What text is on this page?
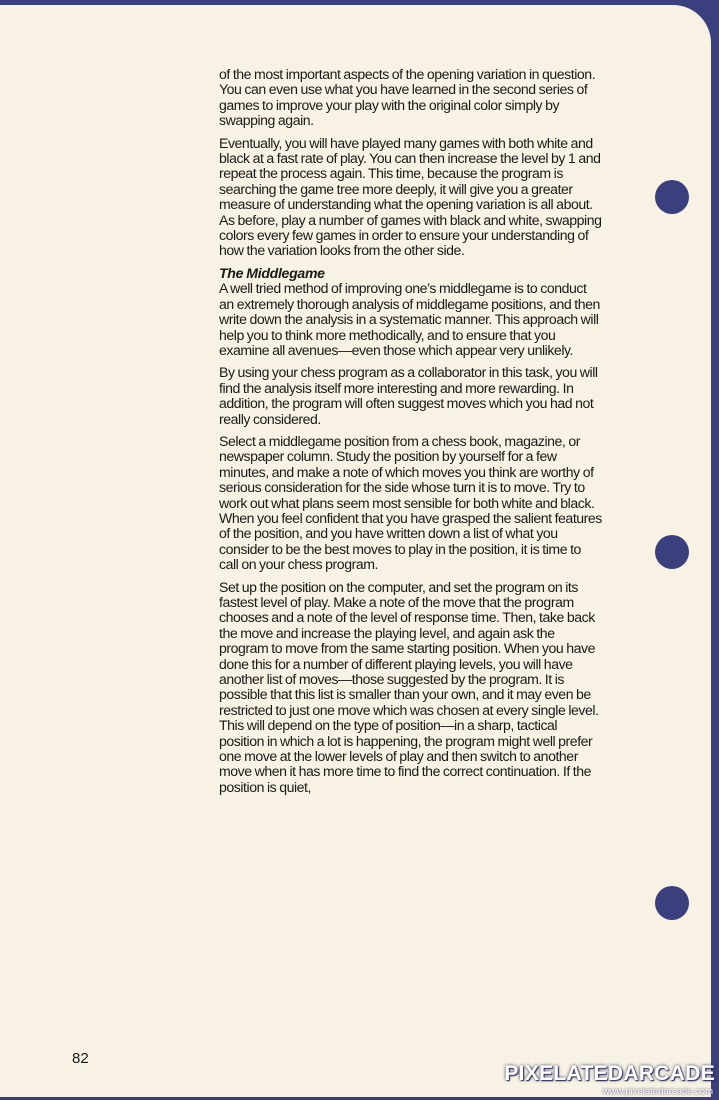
of the most important aspects of the opening variation in question. You can even use what you have learned in the second series of games to improve your play with the original color simply by swapping again.

Eventually, you will have played many games with both white and black at a fast rate of play. You can then increase the level by 1 and repeat the process again. This time, because the program is searching the game tree more deeply, it will give you a greater measure of understanding what the opening variation is all about. As before, play a number of games with black and white, swapping colors every few games in order to ensure your understanding of how the variation looks from the other side.

The Middlegame

A well tried method of improving one’s middlegame is to conduct an extremely thorough analysis of middlegame positions, and then write down the analysis in a systematic manner. This approach will help you to think more methodically, and to ensure that you examine all avenues—even those which appear very unlikely.

By using your chess program as a collaborator in this task, you will find the analysis itself more interesting and more rewarding. In addition, the program will often suggest moves which you had not really considered.

Select a middlegame position from a chess book, magazine, or newspaper column. Study the position by yourself for a few minutes, and make a note of which moves you think are worthy of serious consideration for the side whose turn it is to move. Try to work out what plans seem most sensible for both white and black. When you feel confident that you have grasped the salient features of the position, and you have written down a list of what you consider to be the best moves to play in the position, it is time to call on your chess program.

Set up the position on the computer, and set the program on its fastest level of play. Make a note of the move that the program chooses and a note of the level of response time. Then, take back the move and increase the playing level, and again ask the program to move from the same starting position. When you have done this for a number of different playing levels, you will have another list of moves—those suggested by the program. It is possible that this list is smaller than your own, and it may even be restricted to just one move which was chosen at every single level. This will depend on the type of position—in a sharp, tactical position in which a lot is happening, the program might well prefer one move at the lower levels of play and then switch to another move when it has more time to find the correct continuation. If the position is quiet,

82
PIXELATEDARCADE
www.pixelatedarcade.com
